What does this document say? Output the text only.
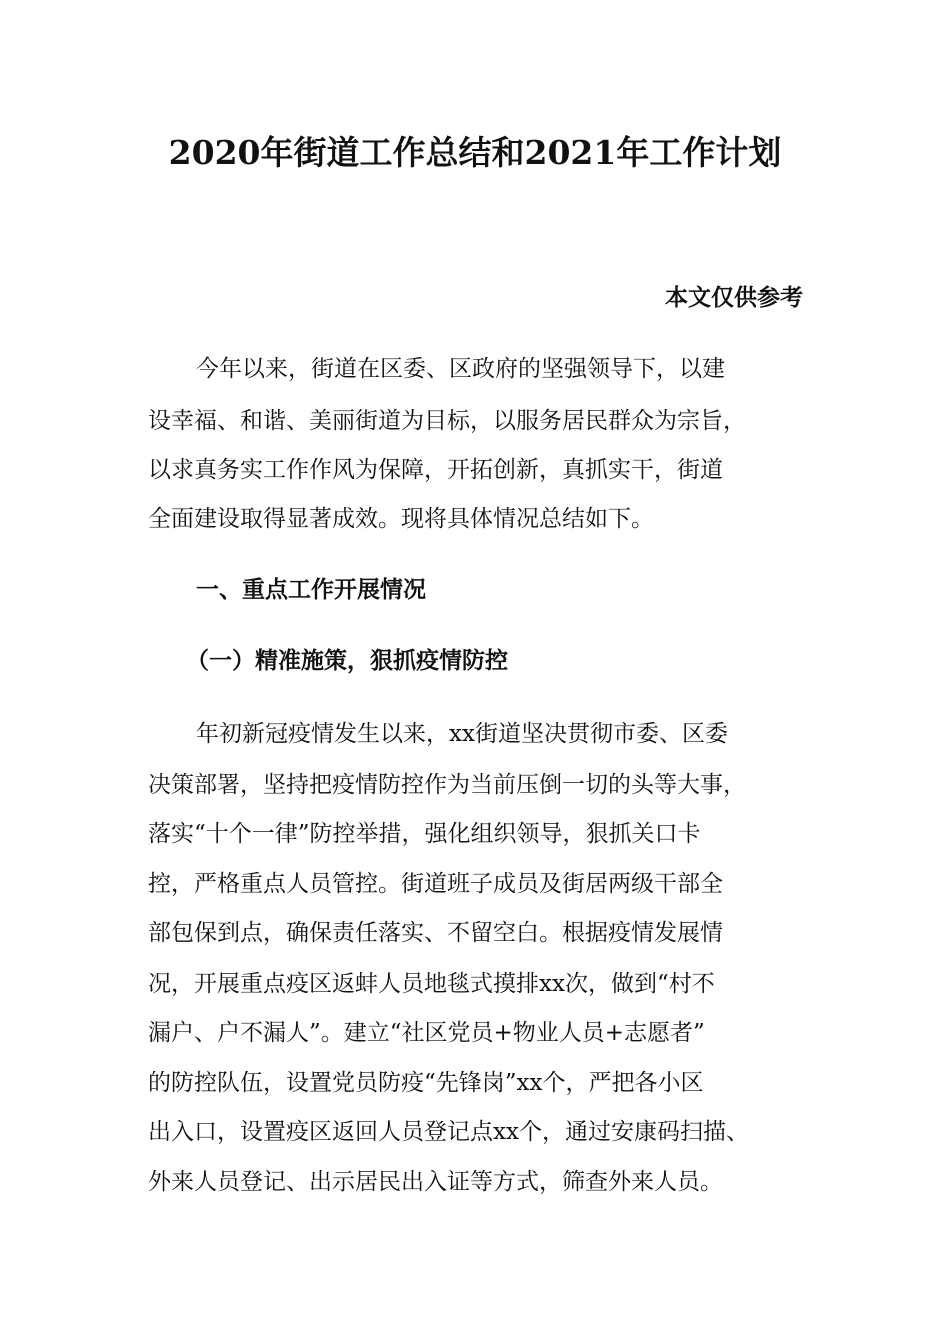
2020年街道工作总结和2021年工作计划
本文仅供参考
今年以来，街道在区委、区政府的坚强领导下，以建
设幸福、和谐、美丽街道为目标，以服务居民群众为宗旨，
以求真务实工作作风为保障，开拓创新，真抓实干，街道
全面建设取得显著成效。现将具体情况总结如下。
一、重点工作开展情况
（一）精准施策，狠抓疫情防控
年初新冠疫情发生以来，xx街道坚决贯彻市委、区委
决策部署，坚持把疫情防控作为当前压倒一切的头等大事，
落实“十个一律”防控举措，强化组织领导，狠抓关口卡
控，严格重点人员管控。街道班子成员及街居两级干部全
部包保到点，确保责任落实、不留空白。根据疫情发展情
况，开展重点疫区返蚌人员地毯式摸排xx次，做到“村不
漏户、户不漏人”。建立“社区党员+物业人员+志愿者”
的防控队伍，设置党员防疫“先锋岗”xx个，严把各小区
出入口，设置疫区返回人员登记点xx个，通过安康码扫描、
外来人员登记、出示居民出入证等方式，筛查外来人员。
